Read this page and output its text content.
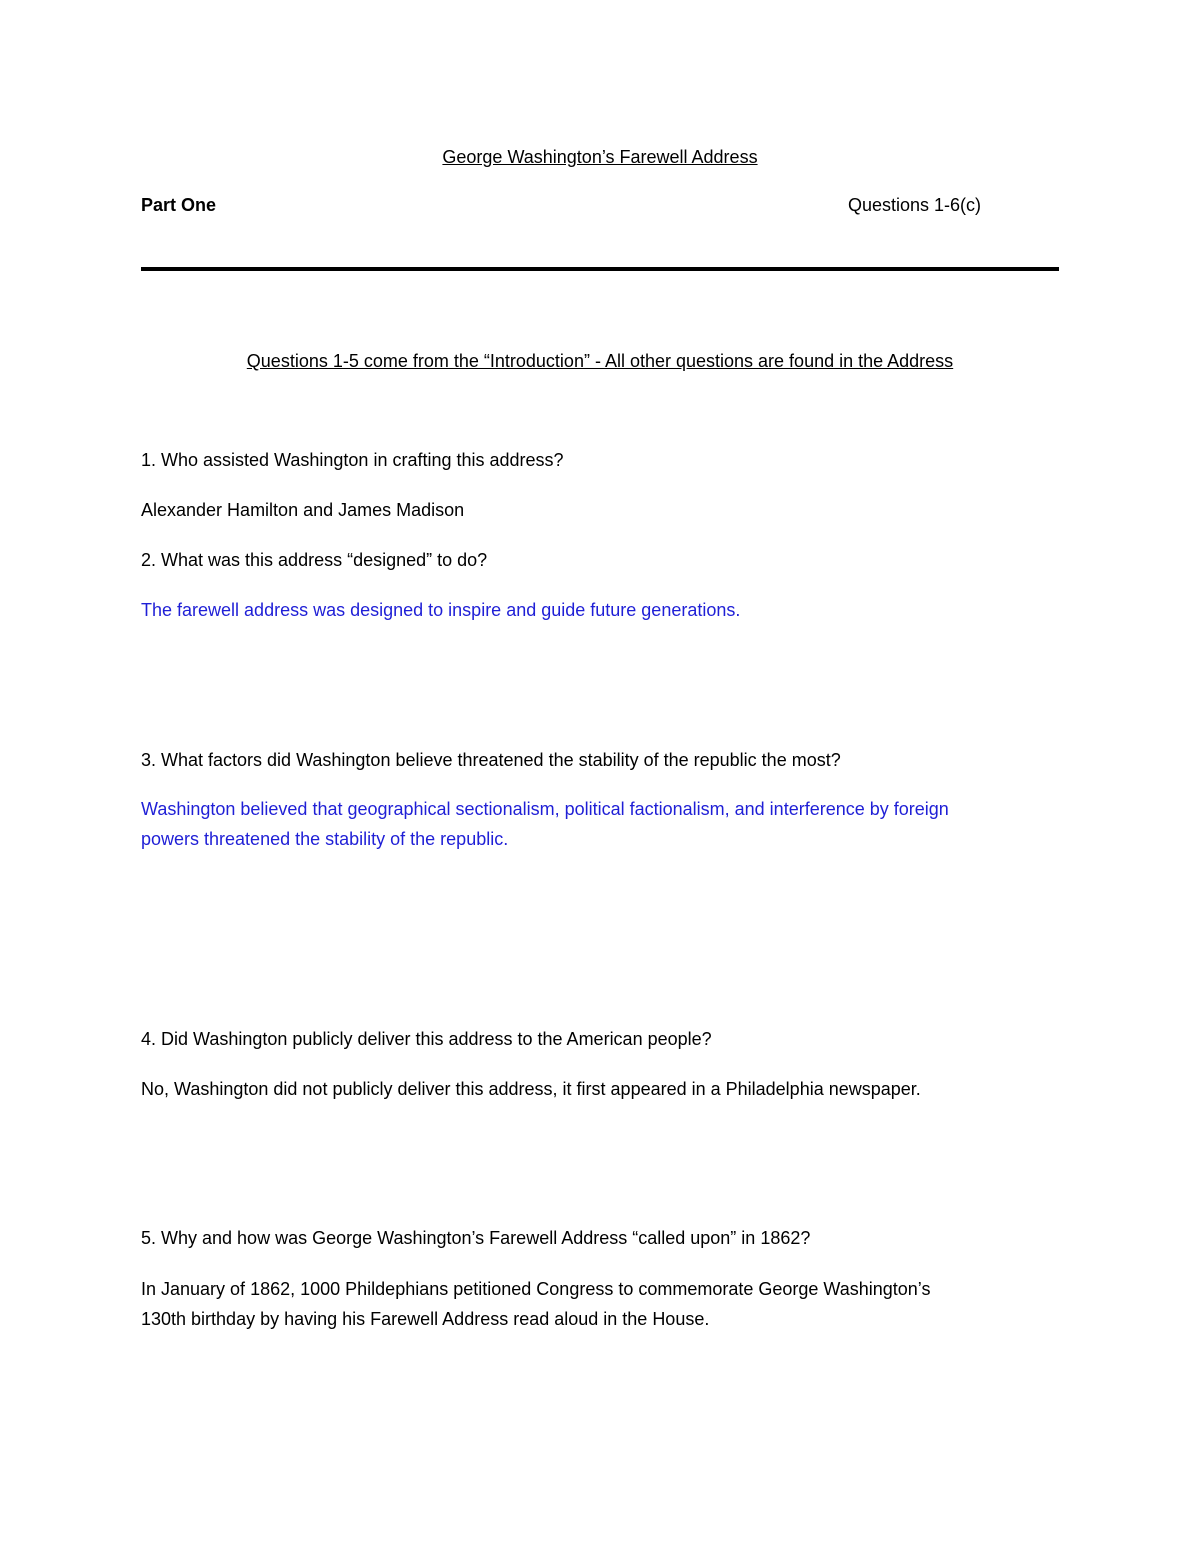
George Washington’s Farewell Address

Part One	Questions 1-6(c)

Questions 1-5 come from the “Introduction” - All other questions are found in the Address

1. Who assisted Washington in crafting this address?

Alexander Hamilton and James Madison

2. What was this address “designed” to do?

The farewell address was designed to inspire and guide future generations.

3. What factors did Washington believe threatened the stability of the republic the most?

Washington believed that geographical sectionalism, political factionalism, and interference by foreign

powers threatened the stability of the republic.

4. Did Washington publicly deliver this address to the American people?

No, Washington did not publicly deliver this address, it first appeared in a Philadelphia newspaper.

5. Why and how was George Washington’s Farewell Address “called upon” in 1862?

In January of 1862, 1000 Phildephians petitioned Congress to commemorate George Washington’s

130th birthday by having his Farewell Address read aloud in the House.
